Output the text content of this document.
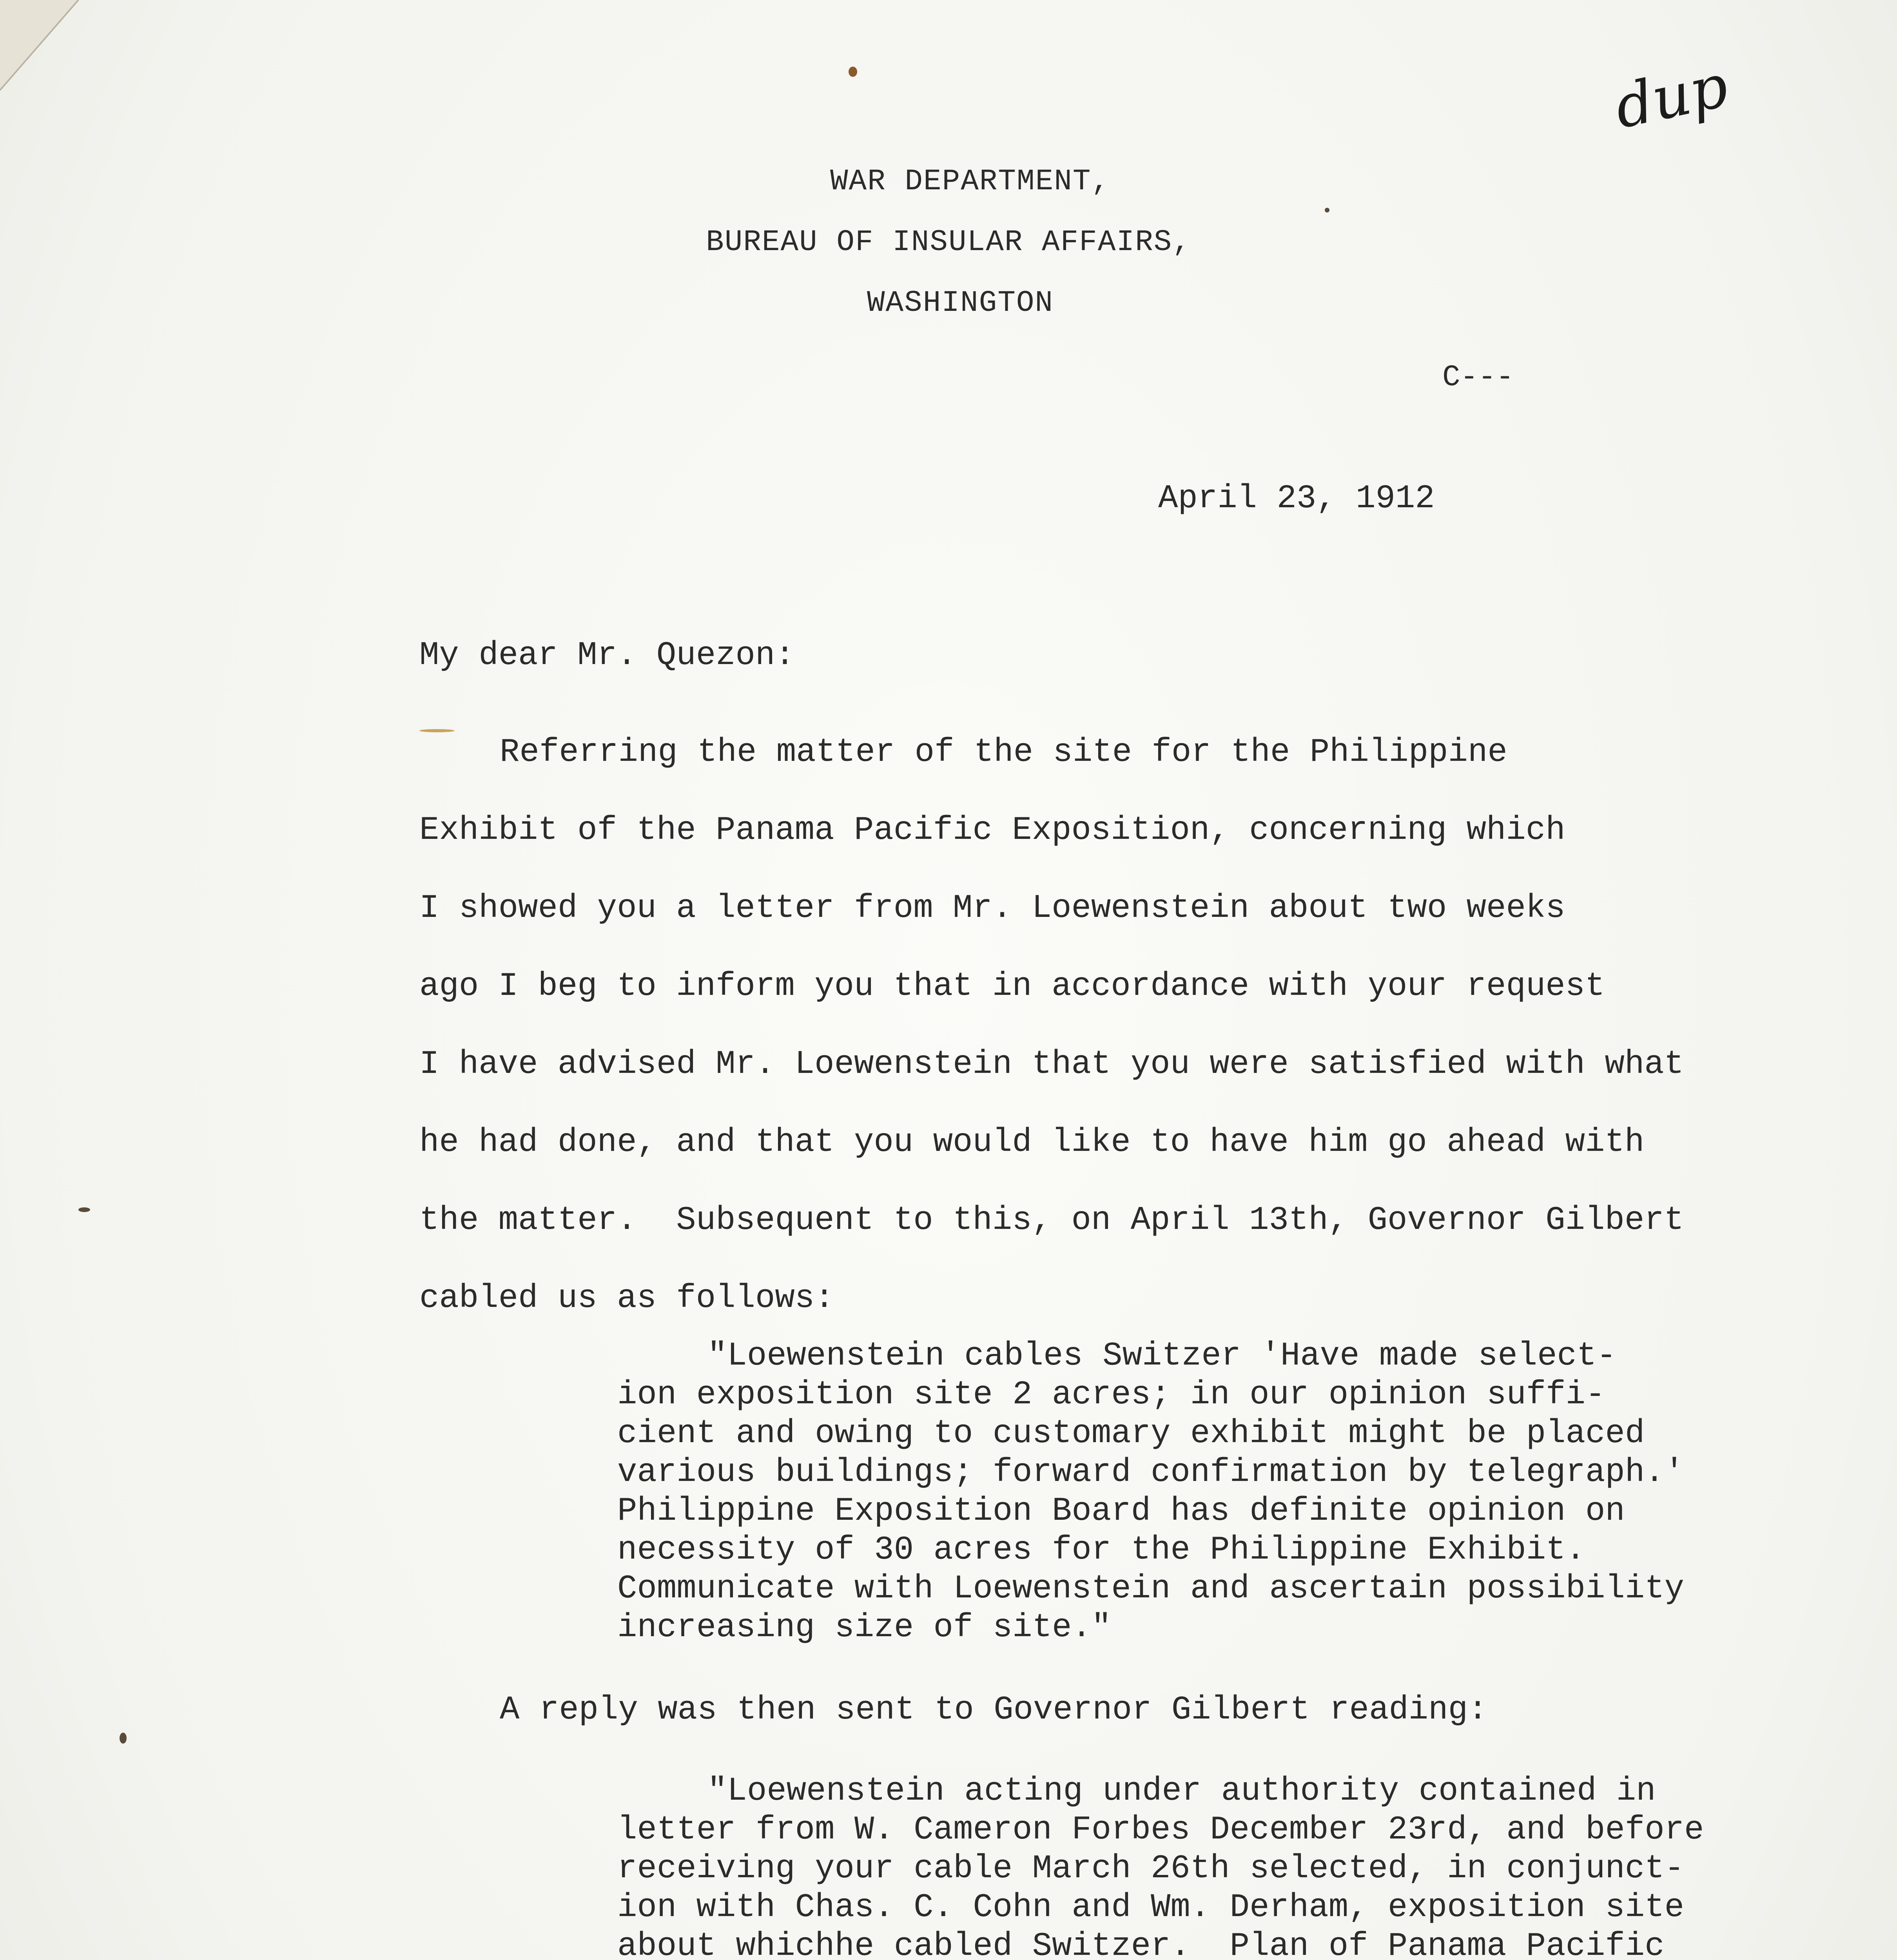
dup
WAR DEPARTMENT,
BUREAU OF INSULAR AFFAIRS,
WASHINGTON
C---
April 23, 1912
My dear Mr. Quezon:
Referring the matter of the site for the Philippine
Exhibit of the Panama Pacific Exposition, concerning which
I showed you a letter from Mr. Loewenstein about two weeks
ago I beg to inform you that in accordance with your request
I have advised Mr. Loewenstein that you were satisfied with what
he had done, and that you would like to have him go ahead with
the matter.  Subsequent to this, on April 13th, Governor Gilbert
cabled us as follows:
"Loewenstein cables Switzer 'Have made select-
ion exposition site 2 acres; in our opinion suffi-
cient and owing to customary exhibit might be placed
various buildings; forward confirmation by telegraph.'
Philippine Exposition Board has definite opinion on
necessity of 30 acres for the Philippine Exhibit.
Communicate with Loewenstein and ascertain possibility
increasing size of site."
A reply was then sent to Governor Gilbert reading:
"Loewenstein acting under authority contained in
letter from W. Cameron Forbes December 23rd, and before
receiving your cable March 26th selected, in conjunct-
ion with Chas. C. Cohn and Wm. Derham, exposition site
about whichhe cabled Switzer.  Plan of Panama Pacific
